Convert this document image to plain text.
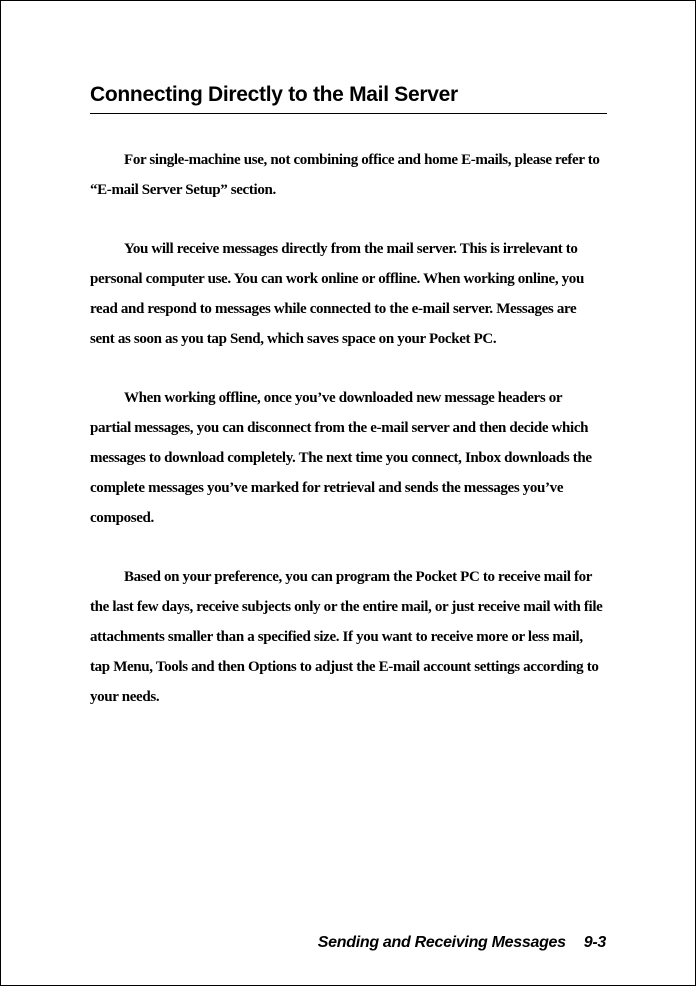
Connecting Directly to the Mail Server

For single-machine use, not combining office and home E-mails, please refer to “E-mail Server Setup” section.

You will receive messages directly from the mail server. This is irrelevant to personal computer use. You can work online or offline. When working online, you read and respond to messages while connected to the e-mail server. Messages are sent as soon as you tap Send, which saves space on your Pocket PC.

When working offline, once you’ve downloaded new message headers or partial messages, you can disconnect from the e-mail server and then decide which messages to download completely. The next time you connect, Inbox downloads the complete messages you’ve marked for retrieval and sends the messages you’ve composed.

Based on your preference, you can program the Pocket PC to receive mail for the last few days, receive subjects only or the entire mail, or just receive mail with file attachments smaller than a specified size. If you want to receive more or less mail, tap Menu, Tools and then Options to adjust the E-mail account settings according to your needs.

Sending and Receiving Messages 9-3
